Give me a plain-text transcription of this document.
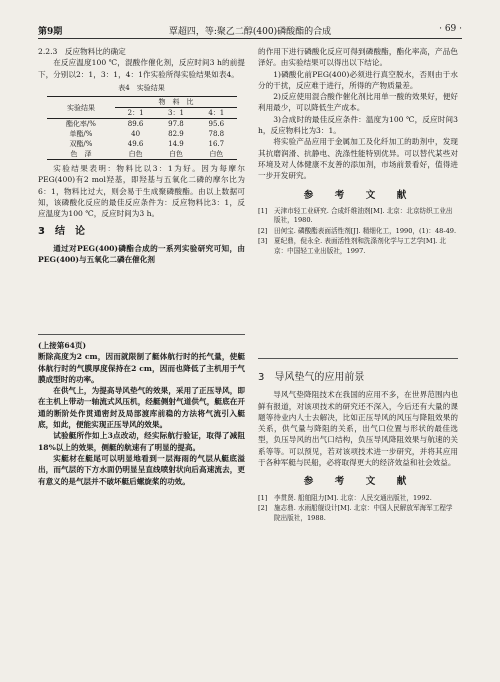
第9期	覃超四，等:聚乙二醇(400)磷酸酯的合成	· 69 ·

2.2.3　反应物料比的确定

在反应温度100 ℃，混酸作催化剂，反应时间3 h的前提下，分别以2：1，3：1，4：1作实验所得实验结果如表4。

表4　实验结果
实验结果	物　料　比		
	2：1	3：1	4：1
酯化率/%	89.6	97.8	95.6
单酯/%	40	82.9	78.8
双酯/%	49.6	14.9	16.7
色　泽	白色	白色	白色

实验结果表明：物料比以3：1为好。因为每摩尔PEG(400)有2 mol羟基，即羟基与五氧化二磷的摩尔比为6：1，物料比过大，则会易于生成聚磷酸酯。由以上数据可知，该磷酸化反应的最佳反应条件为：反应物料比3：1，反应温度为100 ℃，反应时间为3 h。

3 结　论

通过对PEG(400)磷酯合成的一系列实验研究可知，由PEG(400)与五氧化二磷在催化剂

(上接第64页)

断除高度为2 cm，因而就限制了艇体航行时的托气量，使艇体航行时的气膜厚度保持在2 cm，因而也降低了主机用于气膜成型时的功率。

在供气上，为提高导风垫气的效果，采用了正压导风，即在主机上带动一轴流式风压机，经艇侧射气道供气，艇底在开通的断阶处作贯通密封及局部渡库前稳的方法将气流引入艇底，如此，便能实现正压导风的效果。

试验艇所作如上3点改动，经实际航行验证，取得了减阻18%以上的效果，侧艇的航速有了明显的提高。

实艇材在艇尾可以明显地看到一层海雨的气层从艇底溢出，而气层的下方水面仍明显呈直线喷射状向后高速流去，更有意义的是气层并不破坏艇后螺旋桨的功效。

的作用下进行磷酸化反应可得到磷酸酯，酯化率高，产品色泽好。由实验结果可以得出以下结论。

1)磷酸化前PEG(400)必须进行真空脱水，否则由于水分的干扰，反应难于进行，所得的产物质量差。

2)反应使用混合酸作催化剂比用单一酸的效果好，便好利用最少，可以降低生产成本。

3)合成时的最佳反应条件：温度为100 ℃，反应时间3 h，反应物料比为3：1。

将实验产品应用于金属加工及化纤加工的助剂中，发现其抗磨润滑、抗静电、洗涤性能特别优异。可以替代某些对环境及对人体健康不友善的添加剂，市场前景看好，值得进一步开发研究。

参　考　文　献
[1]	天津市轻工业研究. 合成纤维油剂[M]. 北京：北京纺织工业出版社，1980.
[2]	田何宝. 磷酸酯表面活性剂[J]. 精细化工，1990，(1)：48-49.
[3]	夏纪鼎，倪永全. 表面活性剂和洗涤剂化学与工艺学[M]. 北京：中国轻工业出版社，1997.
3 导风垫气的应用前景

导风气垫降阻技术在我国的应用不多，在世界范围内也鲜有报道，对该项技术的研究还不深入，今后还有大量的课题等待业内人士去解决，比如正压导风的风压与降阻效果的关系，供气量与降阻的关系，出气口位置与形状的最佳选型，负压导风的出气口结构，负压导风降阻效果与航速的关系等等。可以预见，若对该项技术进一步研究，并将其应用于各种军艇与民船，必将取得更大的经济效益和社会效益。

参　考　文　献
[1]	李贯贤. 船舶阻力[M]. 北京：人民交通出版社，1992.
[2]	施志鼎. 水雨船舰设计[M]. 北京：中国人民解放军海军工程学院出版社，1988.
